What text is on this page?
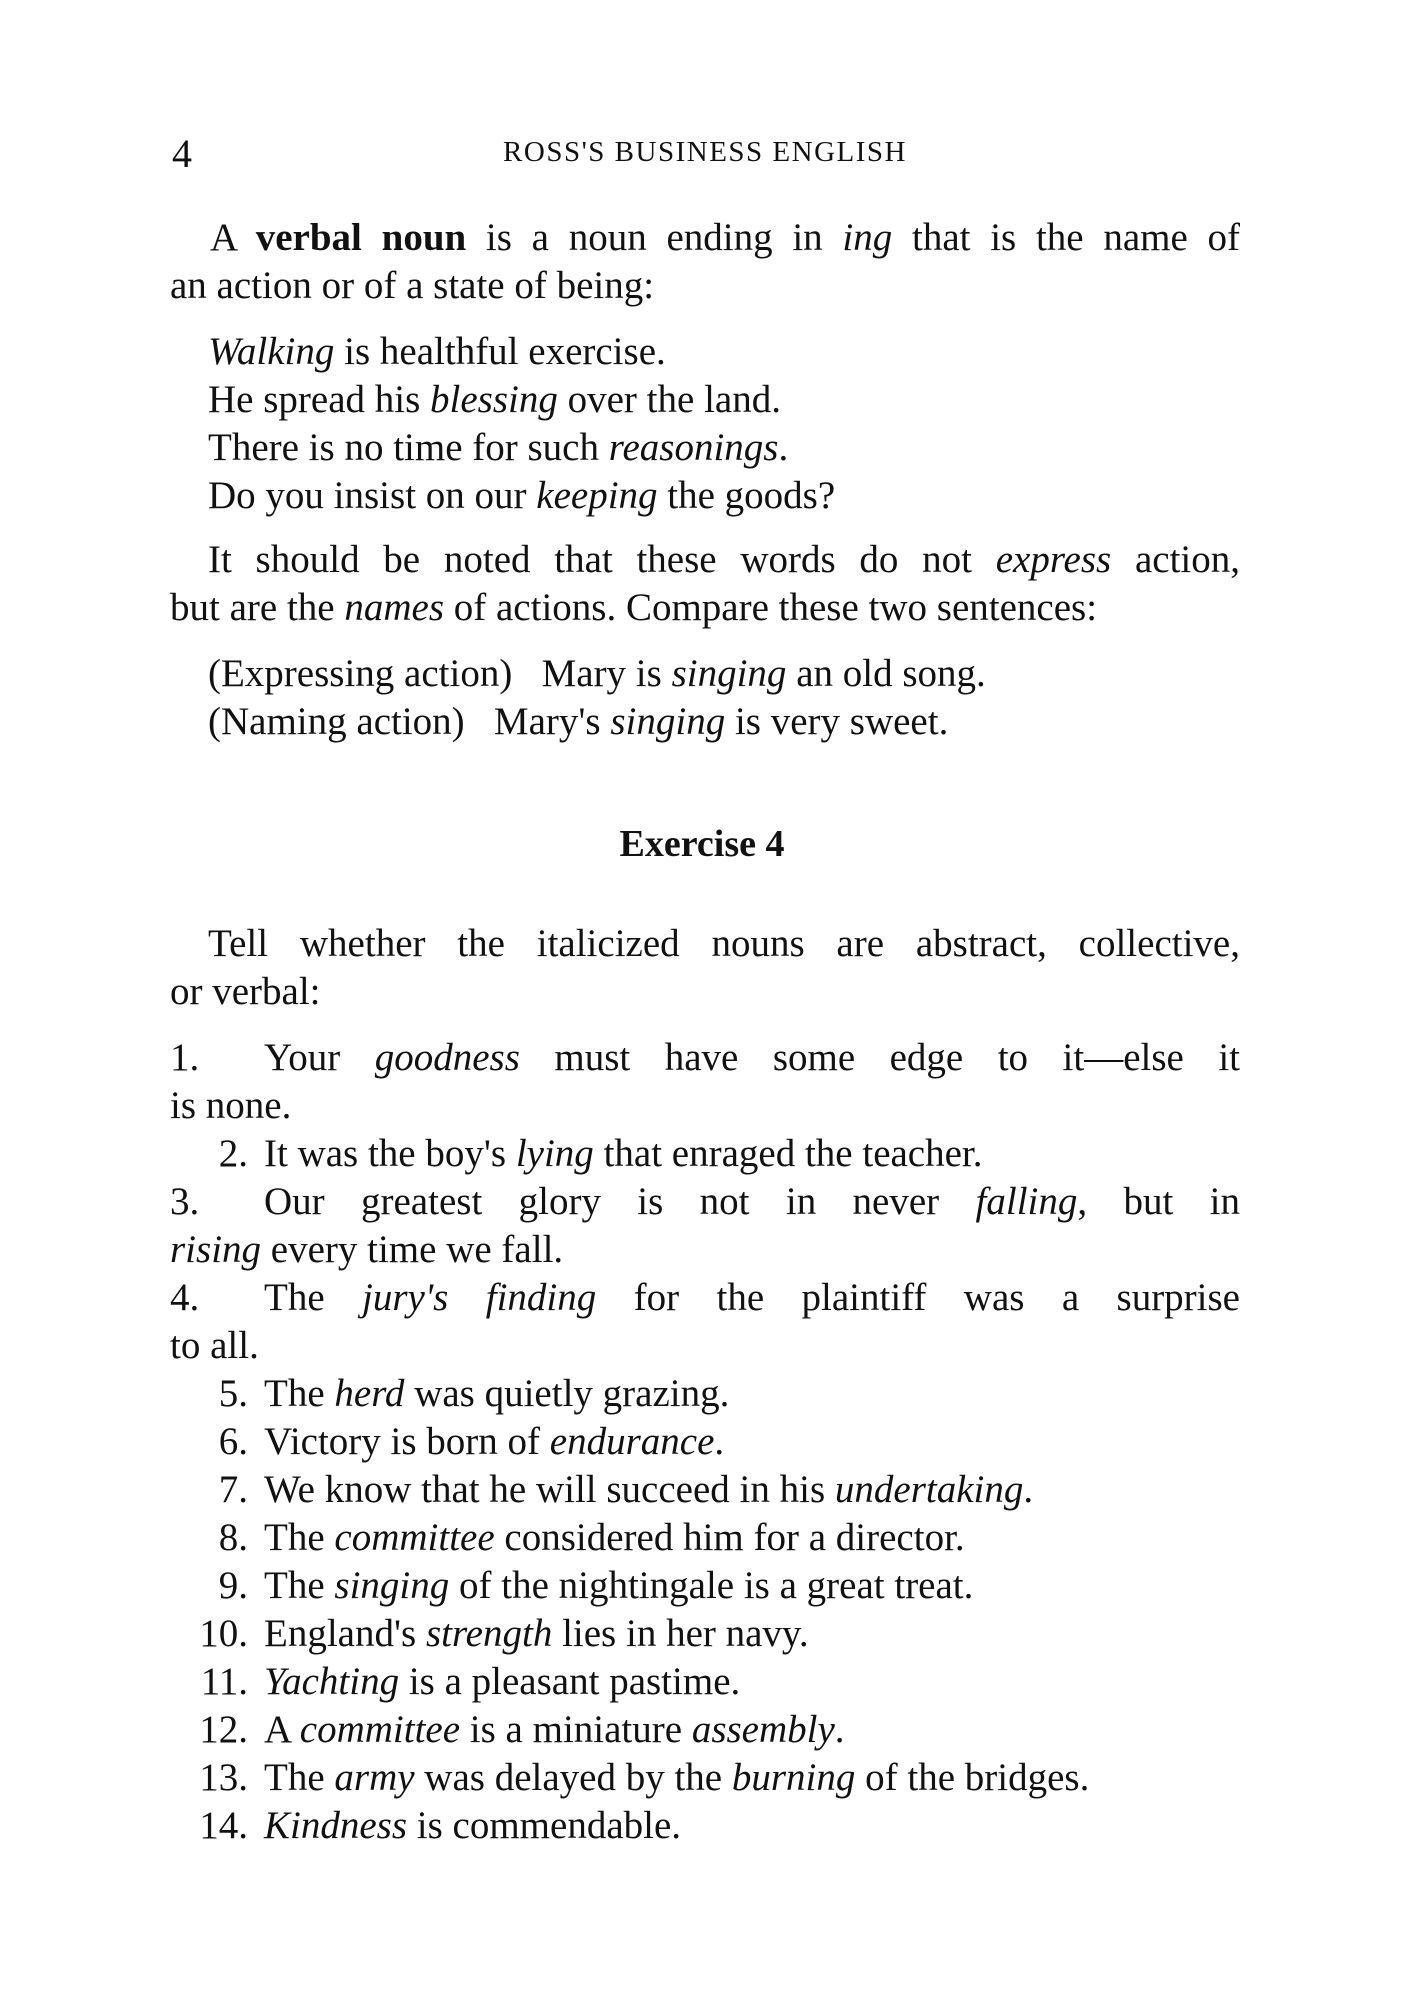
4	ROSS'S BUSINESS ENGLISH
A verbal noun is a noun ending in ing that is the name of
an action or of a state of being:
Walking is healthful exercise.
He spread his blessing over the land.
There is no time for such reasonings.
Do you insist on our keeping the goods?
It should be noted that these words do not express action,
but are the names of actions. Compare these two sentences:
(Expressing action) Mary is singing an old song.
(Naming action) Mary's singing is very sweet.
Exercise 4
Tell whether the italicized nouns are abstract, collective,
or verbal:
1. Your goodness must have some edge to it—else it
is none.
2. It was the boy's lying that enraged the teacher.
3. Our greatest glory is not in never falling, but in
rising every time we fall.
4. The jury's finding for the plaintiff was a surprise
to all.
5. The herd was quietly grazing.
6. Victory is born of endurance.
7. We know that he will succeed in his undertaking.
8. The committee considered him for a director.
9. The singing of the nightingale is a great treat.
10. England's strength lies in her navy.
11. Yachting is a pleasant pastime.
12. A committee is a miniature assembly.
13. The army was delayed by the burning of the bridges.
14. Kindness is commendable.
